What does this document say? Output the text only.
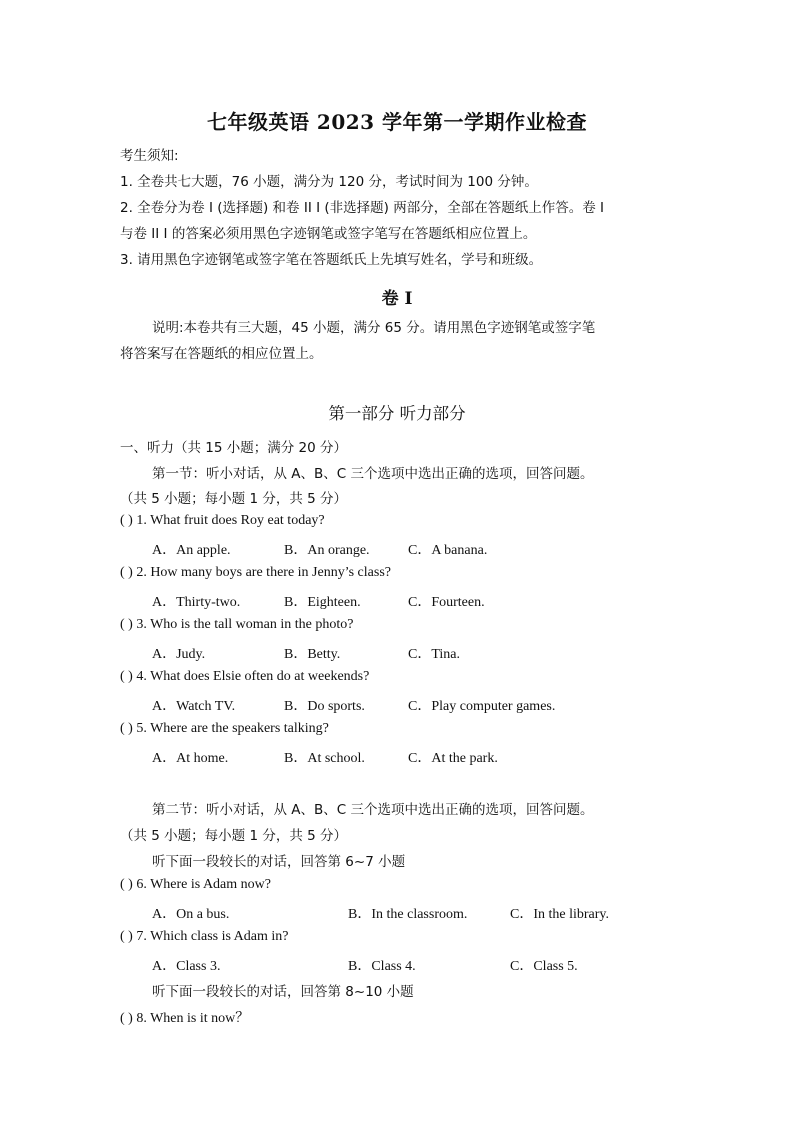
七年级英语 2023 学年第一学期作业检查
考生须知:
1. 全卷共七大题，76 小题，满分为 120 分，考试时间为 100 分钟。
2. 全卷分为卷 I (选择题) 和卷 II I (非选择题) 两部分，全部在答题纸上作答。卷 I
与卷 II I 的答案必须用黑色字迹钢笔或签字笔写在答题纸相应位置上。
3. 请用黑色字迹钢笔或签字笔在答题纸氏上先填写姓名，学号和班级。
卷 I
说明:本卷共有三大题，45 小题，满分 65 分。请用黑色字迹钢笔或签字笔
将答案写在答题纸的相应位置上。
第一部分 听力部分
一、听力（共 15 小题；满分 20 分）
第一节：听小对话，从 A、B、C 三个选项中选出正确的选项，回答问题。
（共 5 小题；每小题 1 分，共 5 分）
( ) 1. What fruit does Roy eat today?
A．An apple.	B．An orange.	C．A banana.
( ) 2. How many boys are there in Jenny’s class?
A．Thirty-two.	B．Eighteen.	C．Fourteen.
( ) 3. Who is the tall woman in the photo?
A．Judy.	B．Betty.	C．Tina.
( ) 4. What does Elsie often do at weekends?
A．Watch TV.	B．Do sports.	C．Play computer games.
( ) 5. Where are the speakers talking?
A．At home.	B．At school.	C．At the park.
第二节：听小对话，从 A、B、C 三个选项中选出正确的选项，回答问题。
（共 5 小题；每小题 1 分，共 5 分）
听下面一段较长的对话，回答第 6~7 小题
( ) 6. Where is Adam now?
A．On a bus.	B．In the classroom.	C．In the library.
( ) 7. Which class is Adam in?
A．Class 3.	B．Class 4.	C．Class 5.
听下面一段较长的对话，回答第 8~10 小题
( ) 8. When is it now？
